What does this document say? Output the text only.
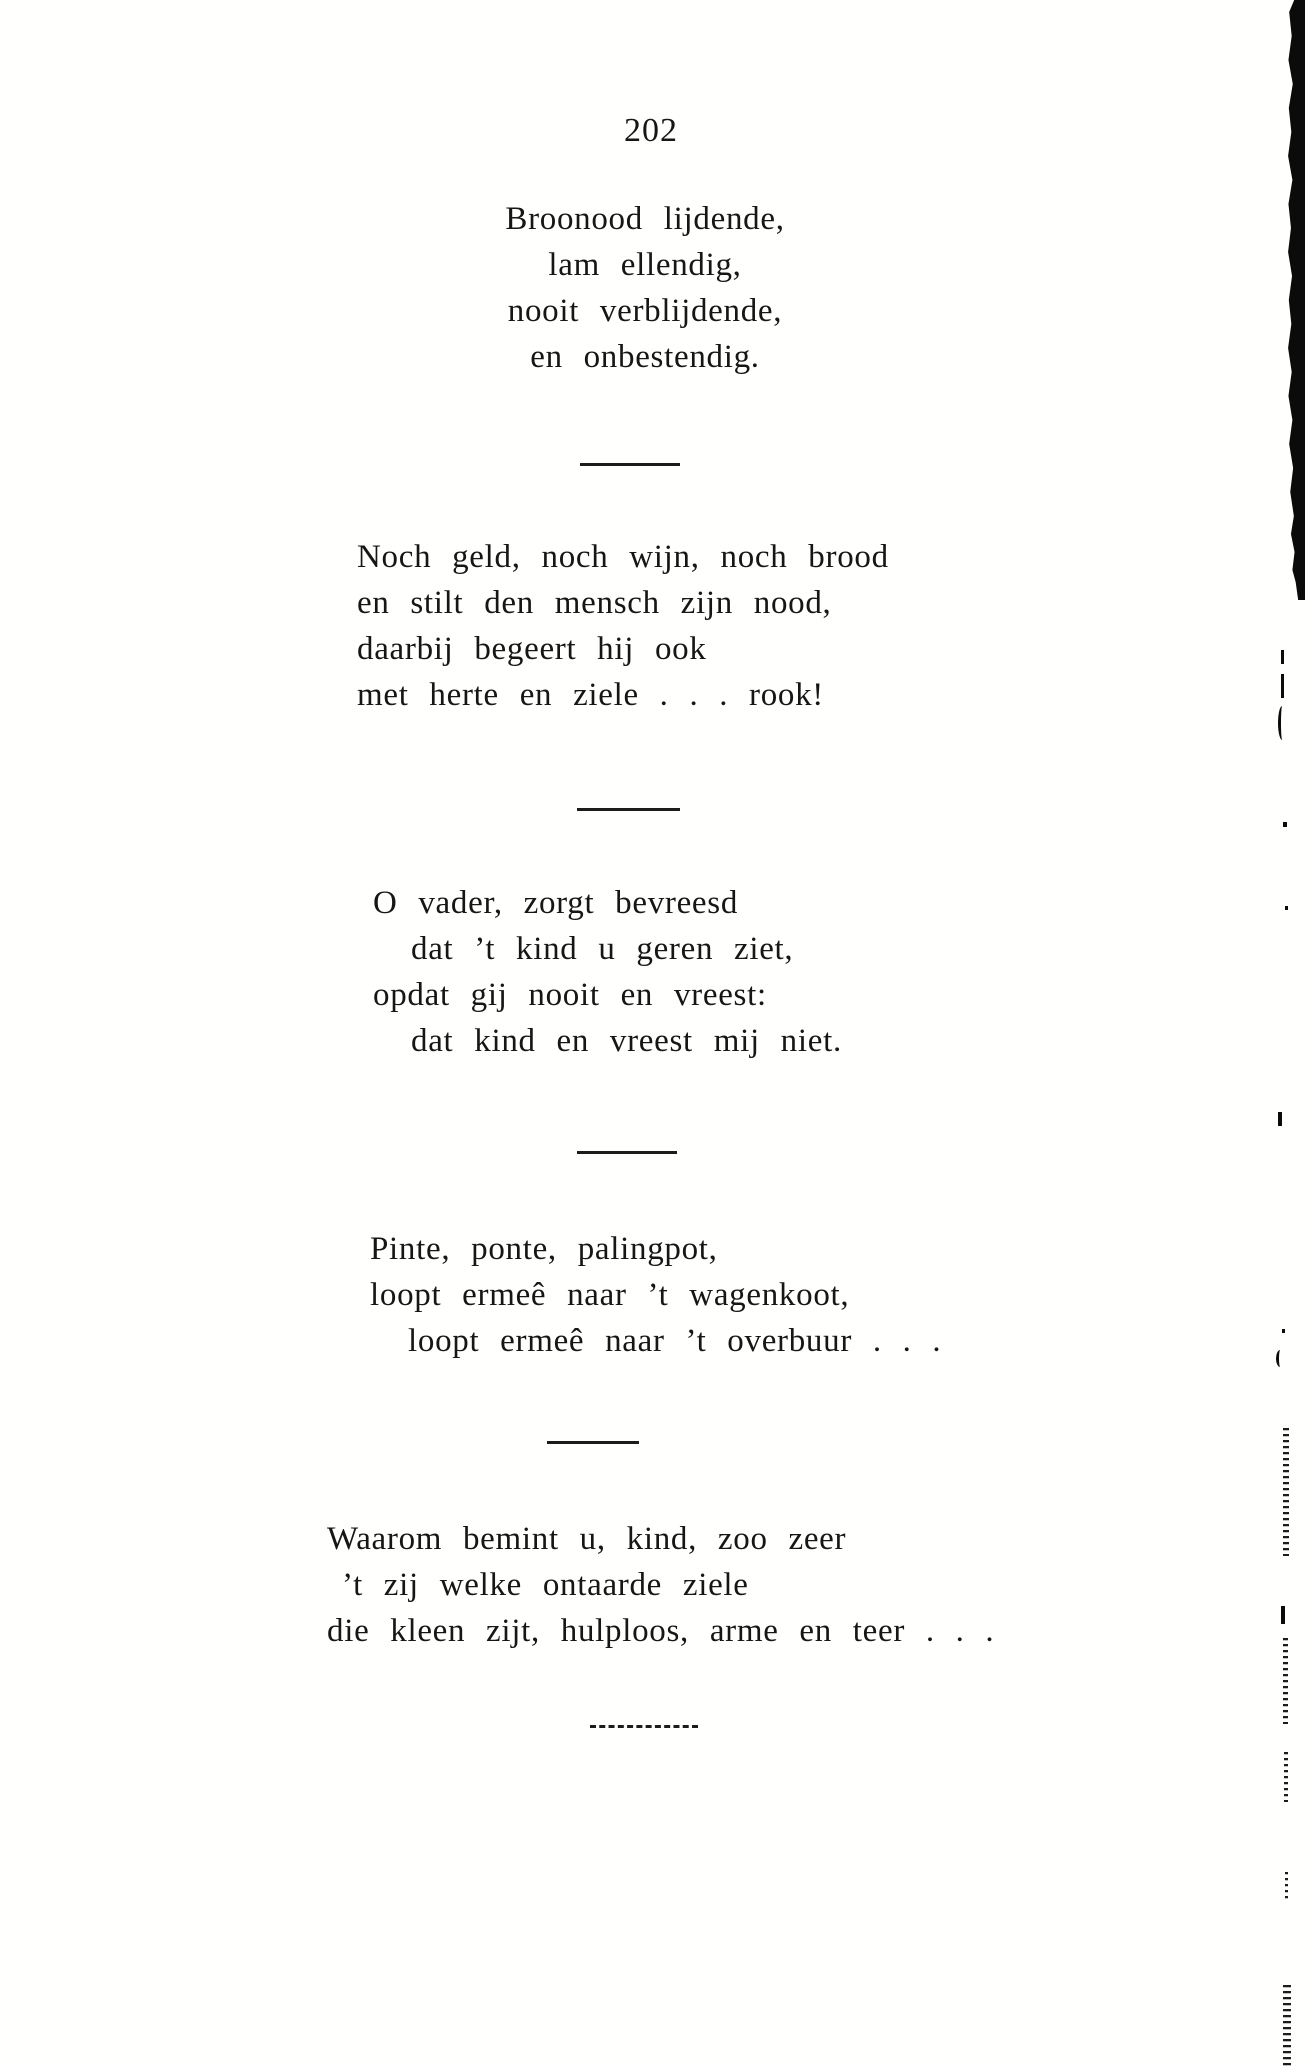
202
Broonood lijdende,
lam ellendig,
nooit verblijdende,
en onbestendig.
Noch geld, noch wijn, noch brood
en stilt den mensch zijn nood,
daarbij begeert hij ook
met herte en ziele . . . rook!
O vader, zorgt bevreesd
dat ’t kind u geren ziet,
opdat gij nooit en vreest:
dat kind en vreest mij niet.
Pinte, ponte, palingpot,
loopt ermeê naar ’t wagenkoot,
loopt ermeê naar ’t overbuur . . .
Waarom bemint u, kind, zoo zeer
’t zij welke ontaarde ziele
die kleen zijt, hulploos, arme en teer . . .
